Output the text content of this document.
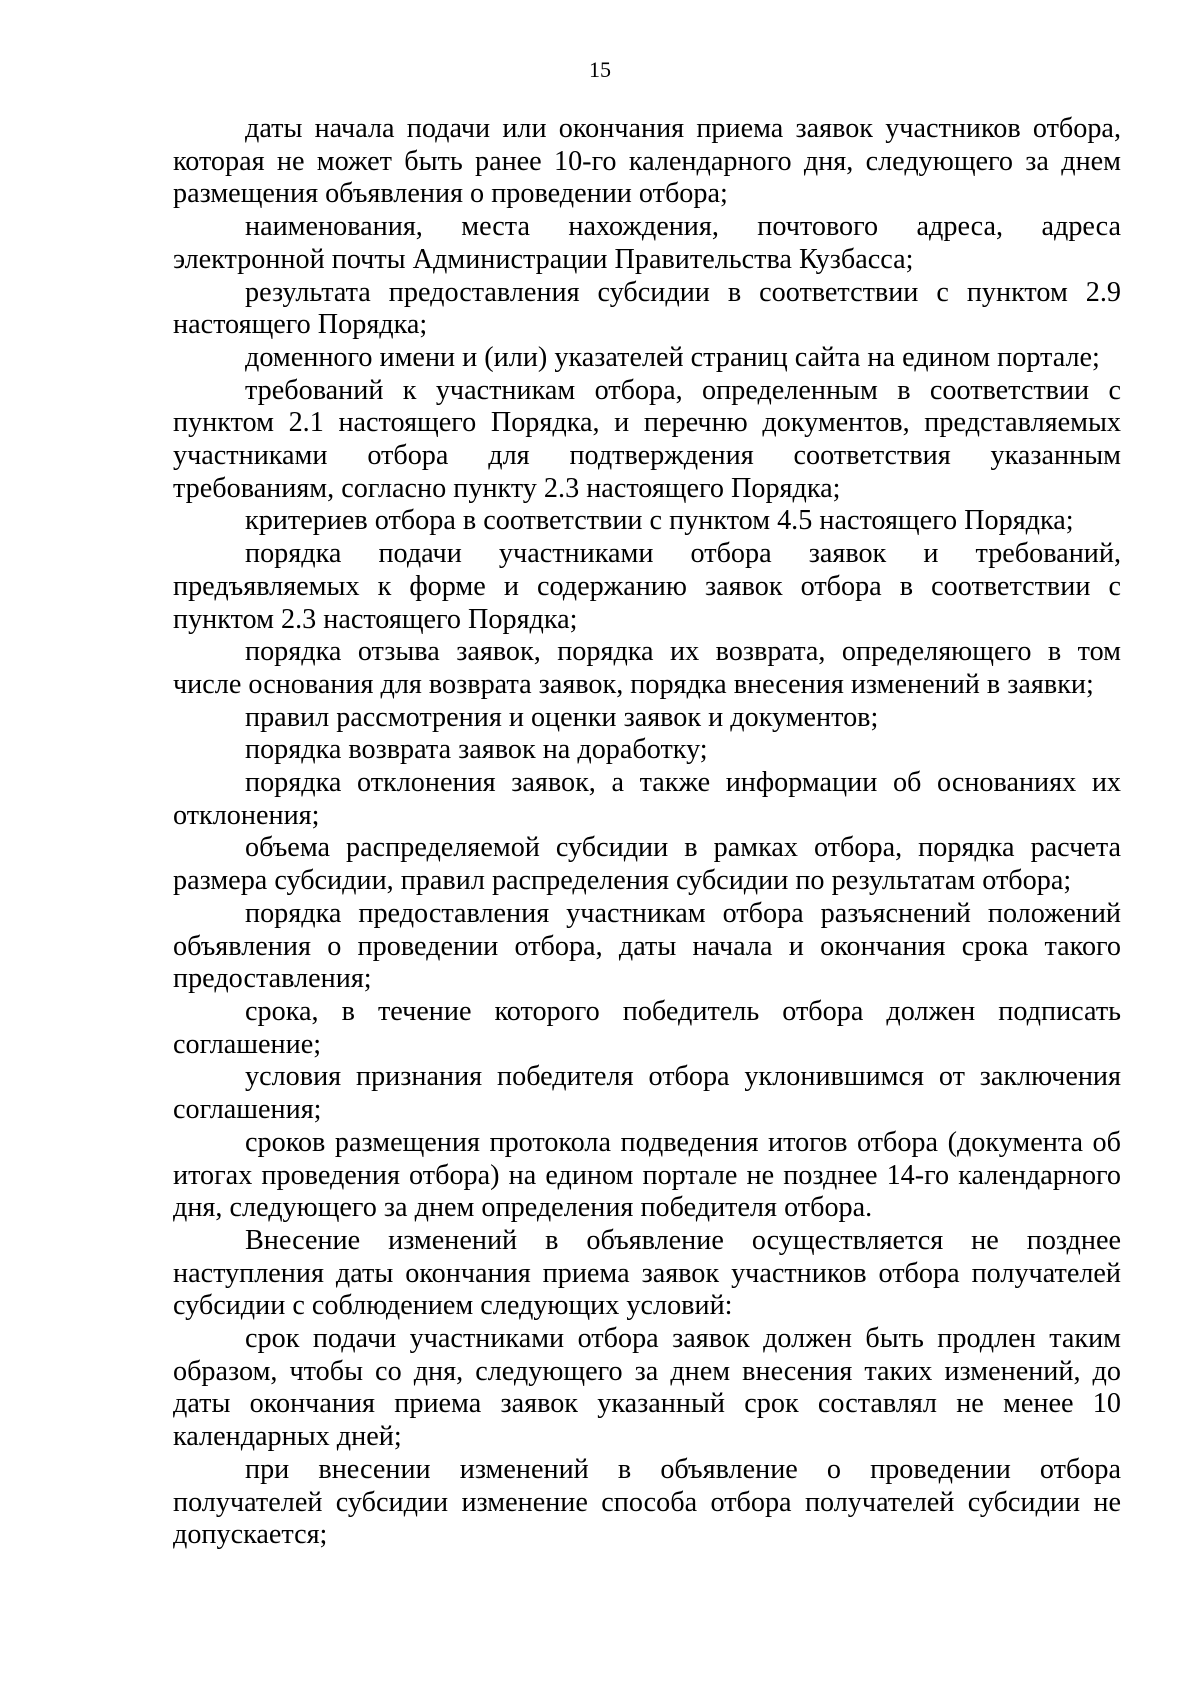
15

даты начала подачи или окончания приема заявок участников отбора, которая не может быть ранее 10-го календарного дня, следующего за днем размещения объявления о проведении отбора;

наименования, места нахождения, почтового адреса, адреса электронной почты Администрации Правительства Кузбасса;

результата предоставления субсидии в соответствии с пунктом 2.9 настоящего Порядка;

доменного имени и (или) указателей страниц сайта на едином портале;

требований к участникам отбора, определенным в соответствии с пунктом 2.1 настоящего Порядка, и перечню документов, представляемых участниками отбора для подтверждения соответствия указанным требованиям, согласно пункту 2.3 настоящего Порядка;

критериев отбора в соответствии с пунктом 4.5 настоящего Порядка;

порядка подачи участниками отбора заявок и требований, предъявляемых к форме и содержанию заявок отбора в соответствии с пунктом 2.3 настоящего Порядка;

порядка отзыва заявок, порядка их возврата, определяющего в том числе основания для возврата заявок, порядка внесения изменений в заявки;

правил рассмотрения и оценки заявок и документов;

порядка возврата заявок на доработку;

порядка отклонения заявок, а также информации об основаниях их отклонения;

объема распределяемой субсидии в рамках отбора, порядка расчета размера субсидии, правил распределения субсидии по результатам отбора;

порядка предоставления участникам отбора разъяснений положений объявления о проведении отбора, даты начала и окончания срока такого предоставления;

срока, в течение которого победитель отбора должен подписать соглашение;

условия признания победителя отбора уклонившимся от заключения соглашения;

сроков размещения протокола подведения итогов отбора (документа об итогах проведения отбора) на едином портале не позднее 14-го календарного дня, следующего за днем определения победителя отбора.

Внесение изменений в объявление осуществляется не позднее наступления даты окончания приема заявок участников отбора получателей субсидии с соблюдением следующих условий:

срок подачи участниками отбора заявок должен быть продлен таким образом, чтобы со дня, следующего за днем внесения таких изменений, до даты окончания приема заявок указанный срок составлял не менее 10 календарных дней;

при внесении изменений в объявление о проведении отбора получателей субсидии изменение способа отбора получателей субсидии не допускается;
